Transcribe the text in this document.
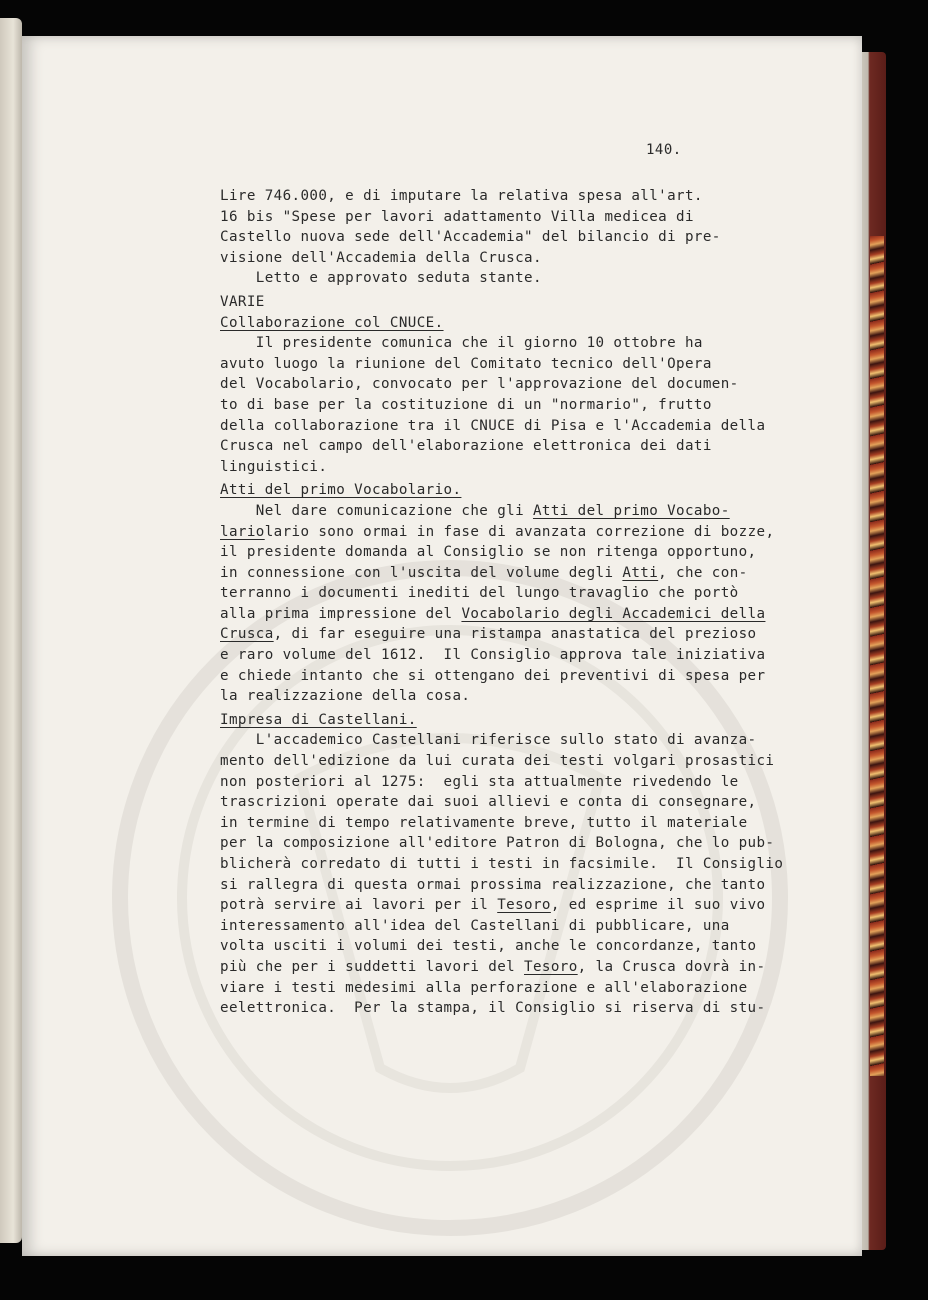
140.
Lire 746.000, e di imputare la relativa spesa all'art.
16 bis "Spese per lavori adattamento Villa medicea di
Castello nuova sede dell'Accademia" del bilancio di pre-
visione dell'Accademia della Crusca.
Letto e approvato seduta stante.
VARIE
Collaborazione col CNUCE.
Il presidente comunica che il giorno 10 ottobre ha
avuto luogo la riunione del Comitato tecnico dell'Opera
del Vocabolario, convocato per l'approvazione del documen-
to di base per la costituzione di un "normario", frutto
della collaborazione tra il CNUCE di Pisa e l'Accademia della
Crusca nel campo dell'elaborazione elettronica dei dati
linguistici.
Atti del primo Vocabolario.
Nel dare comunicazione che gli Atti del primo Vocabo-
lariolario sono ormai in fase di avanzata correzione di bozze,
il presidente domanda al Consiglio se non ritenga opportuno,
in connessione con l'uscita del volume degli Atti, che con-
terranno i documenti inediti del lungo travaglio che portò
alla prima impressione del Vocabolario degli Accademici della
Crusca, di far eseguire una ristampa anastatica del prezioso
e raro volume del 1612.  Il Consiglio approva tale iniziativa
e chiede intanto che si ottengano dei preventivi di spesa per
la realizzazione della cosa.
Impresa di Castellani.
L'accademico Castellani riferisce sullo stato di avanza-
mento dell'edizione da lui curata dei testi volgari prosastici
non posteriori al 1275:  egli sta attualmente rivedendo le
trascrizioni operate dai suoi allievi e conta di consegnare,
in termine di tempo relativamente breve, tutto il materiale
per la composizione all'editore Patron di Bologna, che lo pub-
blicherà corredato di tutti i testi in facsimile.  Il Consiglio
si rallegra di questa ormai prossima realizzazione, che tanto
potrà servire ai lavori per il Tesoro, ed esprime il suo vivo
interessamento all'idea del Castellani di pubblicare, una
volta usciti i volumi dei testi, anche le concordanze, tanto
più che per i suddetti lavori del Tesoro, la Crusca dovrà in-
viare i testi medesimi alla perforazione e all'elaborazione
eelettronica.  Per la stampa, il Consiglio si riserva di stu-
